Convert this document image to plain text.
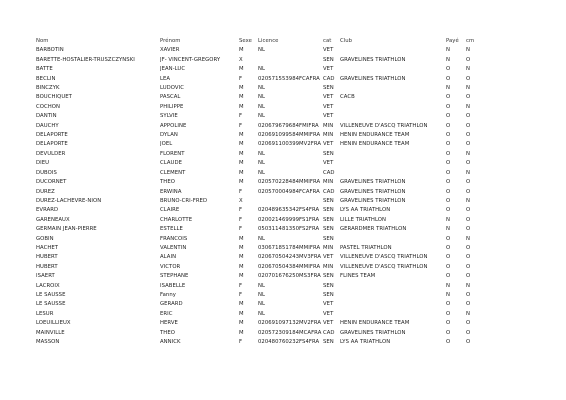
Nom	Prénom	Sexe	Licence	cat	Club	Payé	cm
BARBOTIN	XAVIER	M	NL	VET		N	N
BARETTE-HOSTALIER-TRUSZCZYNSKI	JF- VINCENT-GREGORY	X		SEN	GRAVELINES TRIATHLON	N	O
BATTE	JEAN-LUC	M	NL	VET		O	N
BECLIN	LEA	F	020571553984FCAFRA	CAD	GRAVELINES TRIATHLON	O	O
BINCZYK	LUDOVIC	M	NL	SEN		N	N
BOUCHIQUET	PASCAL	M	NL	VET	CACB	O	O
COCHON	PHILIPPE	M	NL	VET		O	N
DANTIN	SYLVIE	F	NL	VET		O	O
DAUCHY	APPOLINE	F	020679679684FMIFRA	MIN	VILLENEUVE D'ASCQ TRIATHLON	O	O
DELAPORTE	DYLAN	M	020691099584MMIFRA	MIN	HENIN ENDURANCE TEAM	O	O
DELAPORTE	JOEL	M	020691100399MV2FRA	VET	HENIN ENDURANCE TEAM	O	O
DEVULDER	FLORENT	M	NL	SEN		O	N
DIEU	CLAUDE	M	NL	VET		O	O
DUBOIS	CLEMENT	M	NL	CAD		O	N
DUCORNET	THEO	M	020570228484MMIFRA	MIN	GRAVELINES TRIATHLON	O	O
DUREZ	ERWINA	F	020570004984FCAFRA	CAD	GRAVELINES TRIATHLON	O	O
DUREZ-LACHEVRE-NION	BRUNO-CRI-FRED	X		SEN	GRAVELINES TRIATHLON	O	N
EVRARD	CLAIRE	F	020489635342FS4FRA	SEN	LYS AA TRIATHLON	O	O
GARENEAUX	CHARLOTTE	F	020021469999FS1FRA	SEN	LILLE TRIATHLON	N	O
GERMAIN JEAN-PIERRE	ESTELLE	F	050311481350FS2FRA	SEN	GERARDMER TRIATHLON	N	O
GOBIN	FRANCOIS	M	NL	SEN		O	N
HACHET	VALENTIN	M	030671851784MMIFRA	MIN	PASTEL TRIATHLON	O	O
HUBERT	ALAIN	M	020670504243MV3FRA	VET	VILLENEUVE D'ASCQ TRIATHLON	O	O
HUBERT	VICTOR	M	020670504384MMIFRA	MIN	VILLENEUVE D'ASCQ TRIATHLON	O	O
ISAERT	STEPHANE	M	020701676250MS3FRA	SEN	FLINES TEAM	O	O
LACROIX	ISABELLE	F	NL	SEN		N	N
LE SAUSSE	Fanny	F	NL	SEN		N	O
LE SAUSSE	GERARD	M	NL	VET		O	O
LESUR	ERIC	M	NL	VET		O	N
LOEUILLIEUX	HERVE	M	020691097132MV2FRA	VET	HENIN ENDURANCE TEAM	O	O
MAINVILLE	THEO	M	020572309184MCAFRA	CAD	GRAVELINES TRIATHLON	O	O
MASSON	ANNICK	F	020480760232FS4FRA	SEN	LYS AA TRIATHLON	O	O
